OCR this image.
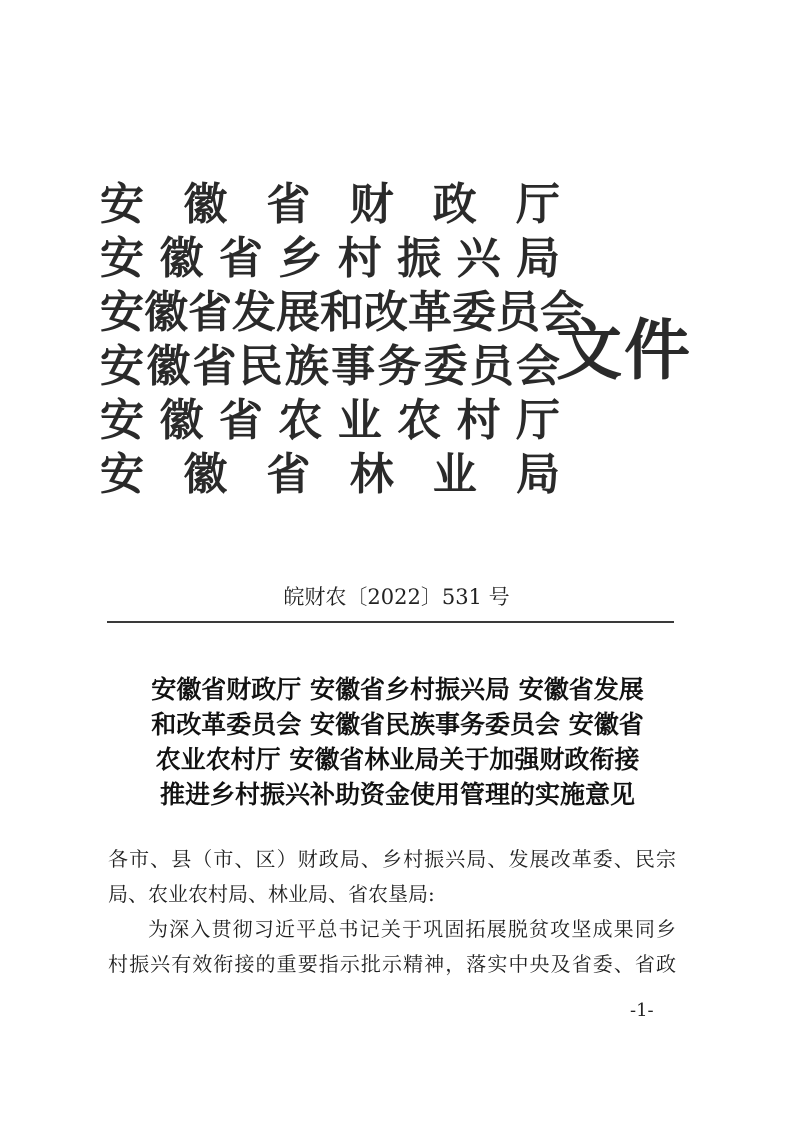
安 徽 省 财 政 厅
安徽省乡村振兴局
安徽省发展和改革委员会
安徽省民族事务委员会
安徽省农业农村厅
安 徽 省 林 业 局
文件
皖财农〔2022〕531 号
安徽省财政厅 安徽省乡村振兴局 安徽省发展
和改革委员会 安徽省民族事务委员会 安徽省
农业农村厅 安徽省林业局关于加强财政衔接
推进乡村振兴补助资金使用管理的实施意见
各市、县（市、区）财政局、乡村振兴局、发展改革委、民宗
局、农业农村局、林业局、省农垦局:
为深入贯彻习近平总书记关于巩固拓展脱贫攻坚成果同乡
村振兴有效衔接的重要指示批示精神，落实中央及省委、省政
-1-
